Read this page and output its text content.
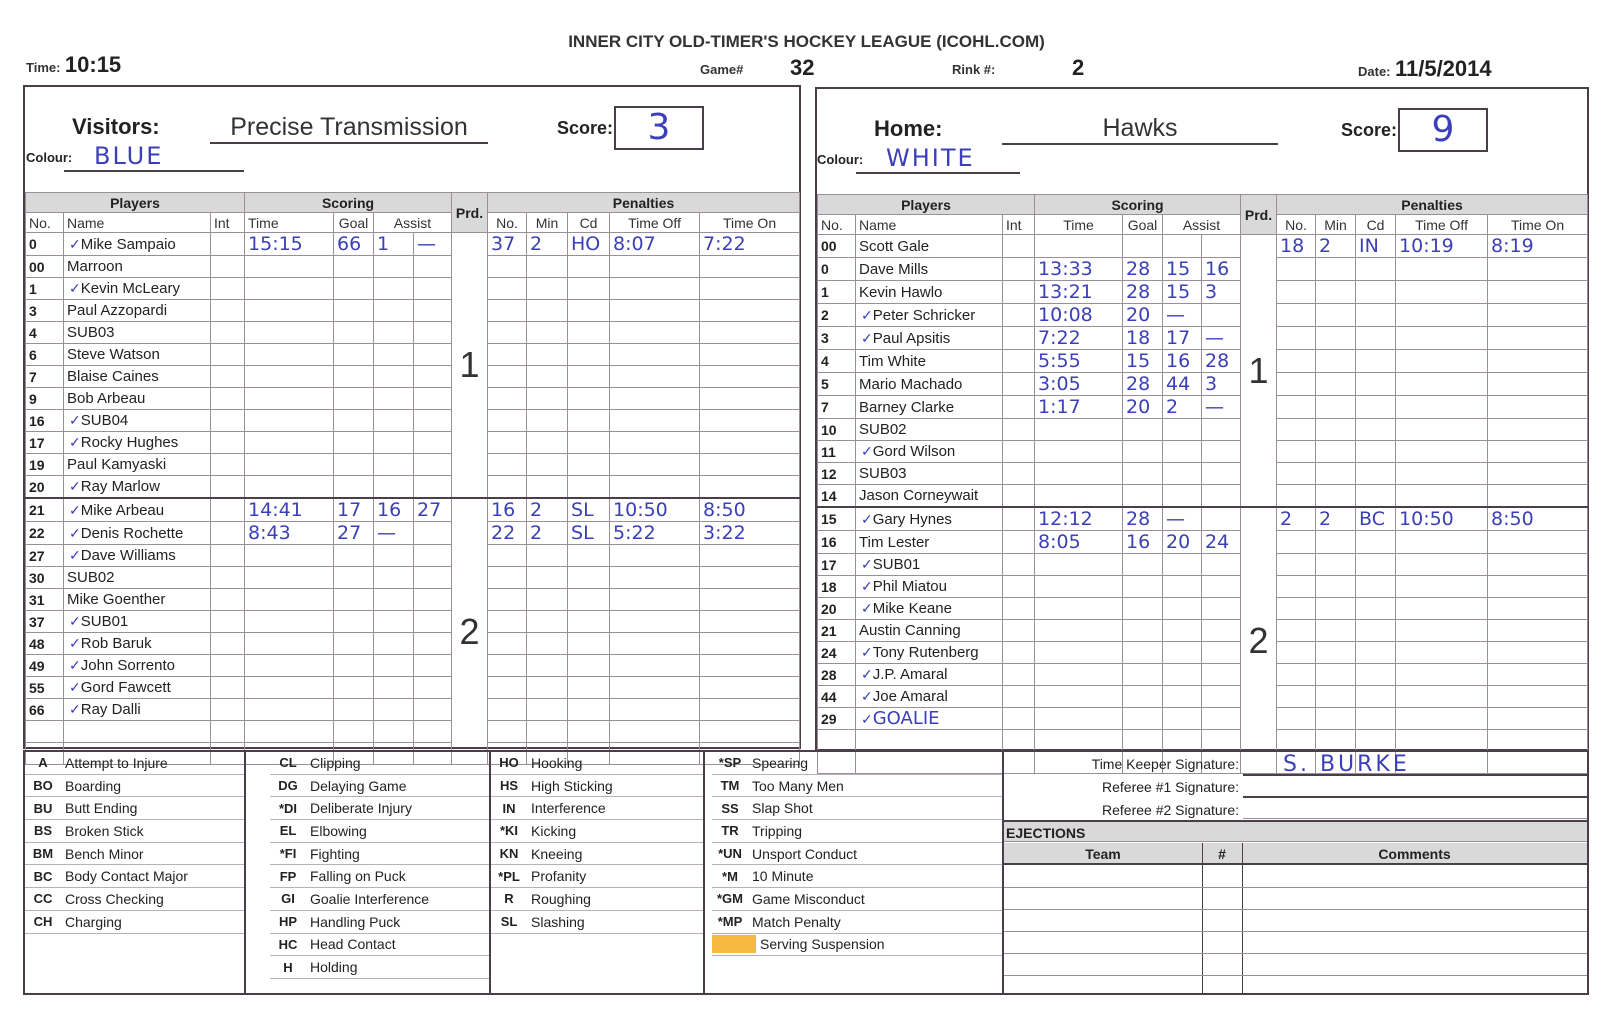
INNER CITY OLD-TIMER'S HOCKEY LEAGUE (ICOHL.COM)
Time: 10:15	Game# 32	Rink #:	2	Date: 11/5/2014
Visitors:	Precise Transmission	Score: 3
Colour: BLUE
Players			Scoring				Prd.	Penalties				
No.	Name	Int	Time	Goal	Assist			No.	Min	Cd	Time Off	Time On
0	✓Mike Sampaio		15:15	66	1	—	1	37	2	HO	8:07	7:22
00	Marroon											
1	✓Kevin McLeary											
3	Paul Azzopardi											
4	SUB03											
6	Steve Watson											
7	Blaise Caines											
9	Bob Arbeau											
16	✓SUB04											
17	✓Rocky Hughes											
19	Paul Kamyaski											
20	✓Ray Marlow											
21	✓Mike Arbeau		14:41	17	16	27	2	16	2	SL	10:50	8:50
22	✓Denis Rochette		8:43	27	—			22	2	SL	5:22	3:22
27	✓Dave Williams											
30	SUB02											
31	Mike Goenther											
37	✓SUB01											
48	✓Rob Baruk											
49	✓John Sorrento											
55	✓Gord Fawcett											
66	✓Ray Dalli											

Home:	Hawks	Score: 9
Colour: WHITE
Players			Scoring				Prd.	Penalties				
No.	Name	Int	Time	Goal	Assist			No.	Min	Cd	Time Off	Time On
00	Scott Gale						1	18	2	IN	10:19	8:19
0	Dave Mills		13:33	28	15	16						
1	Kevin Hawlo		13:21	28	15	3						
2	✓Peter Schricker		10:08	20	—							
3	✓Paul Apsitis		7:22	18	17	—						
4	Tim White		5:55	15	16	28						
5	Mario Machado		3:05	28	44	3						
7	Barney Clarke		1:17	20	2	—						
10	SUB02											
11	✓Gord Wilson											
12	SUB03											
14	Jason Corneywait											
15	✓Gary Hynes		12:12	28	—		2	2	2	BC	10:50	8:50
16	Tim Lester		8:05	16	20	24						
17	✓SUB01											
18	✓Phil Miatou											
20	✓Mike Keane											
21	Austin Canning											
24	✓Tony Rutenberg											
28	✓J.P. Amaral											
44	✓Joe Amaral											
29	✓GOALIE											

A	Attempt to Injure
BO Boarding
BU Butt Ending
BS Broken Stick
BM Bench Minor
BC Body Contact Major
CC Cross Checking
CH Charging
CL Clipping
DG Delaying Game
*DI Deliberate Injury
EL Elbowing
*FI Fighting
FP Falling on Puck
GI	Goalie Interference
HP Handling Puck
HC Head Contact
H	Holding
HO Hooking
HS High Sticking
IN	Interference
*KI Kicking
KN Kneeing
*PL Profanity
R	Roughing
SL Slashing
*SP Spearing
TM Too Many Men
SS Slap Shot
TR Tripping
*UN Unsport Conduct
*M	10 Minute
*GM Game Misconduct
*MP Match Penalty
Serving Suspension
Time Keeper Signature:	S. BURKE
Referee #1 Signature:
Referee #2 Signature:
EJECTIONS
Team	#	Comments
